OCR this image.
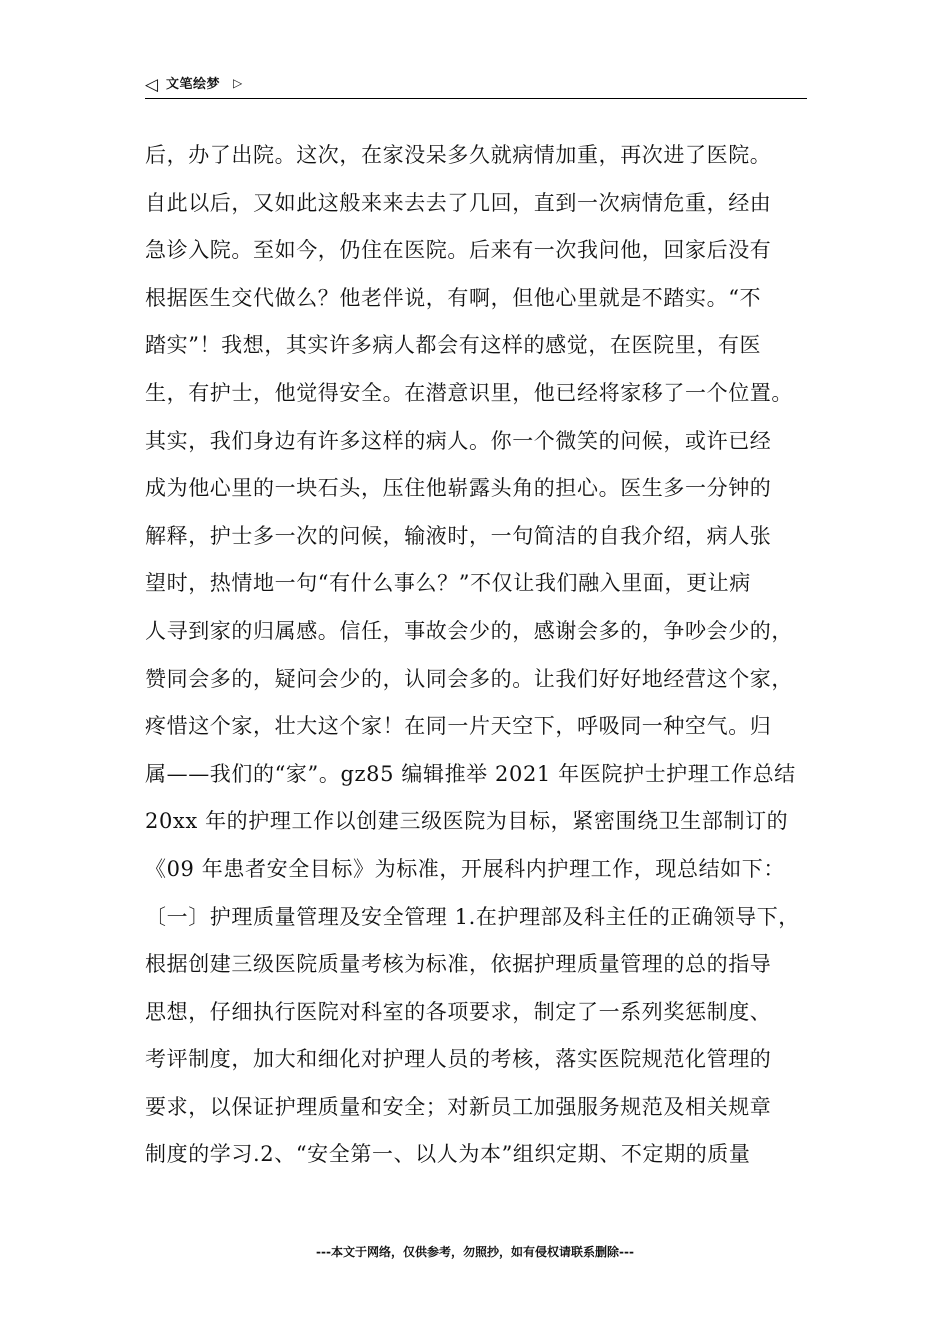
◁ 文笔绘梦 ▷
后，办了出院。这次，在家没呆多久就病情加重，再次进了医院。
自此以后，又如此这般来来去去了几回，直到一次病情危重，经由
急诊入院。至如今，仍住在医院。后来有一次我问他，回家后没有
根据医生交代做么？他老伴说，有啊，但他心里就是不踏实。“不
踏实”！我想，其实许多病人都会有这样的感觉，在医院里，有医
生，有护士，他觉得安全。在潜意识里，他已经将家移了一个位置。
其实，我们身边有许多这样的病人。你一个微笑的问候，或许已经
成为他心里的一块石头，压住他崭露头角的担心。医生多一分钟的
解释，护士多一次的问候，输液时，一句简洁的自我介绍，病人张
望时，热情地一句“有什么事么？”不仅让我们融入里面，更让病
人寻到家的归属感。信任，事故会少的，感谢会多的，争吵会少的，
赞同会多的，疑问会少的，认同会多的。让我们好好地经营这个家，
疼惜这个家，壮大这个家！在同一片天空下，呼吸同一种空气。归
属——我们的“家”。gz85 编辑推举 2021 年医院护士护理工作总结
20xx 年的护理工作以创建三级医院为目标，紧密围绕卫生部制订的
《09 年患者安全目标》为标准，开展科内护理工作，现总结如下：
〔一〕护理质量管理及安全管理 1.在护理部及科主任的正确领导下，
根据创建三级医院质量考核为标准，依据护理质量管理的总的指导
思想，仔细执行医院对科室的各项要求，制定了一系列奖惩制度、
考评制度，加大和细化对护理人员的考核，落实医院规范化管理的
要求，以保证护理质量和安全；对新员工加强服务规范及相关规章
制度的学习.2、“安全第一、以人为本”组织定期、不定期的质量
---本文于网络，仅供参考，勿照抄，如有侵权请联系删除---
